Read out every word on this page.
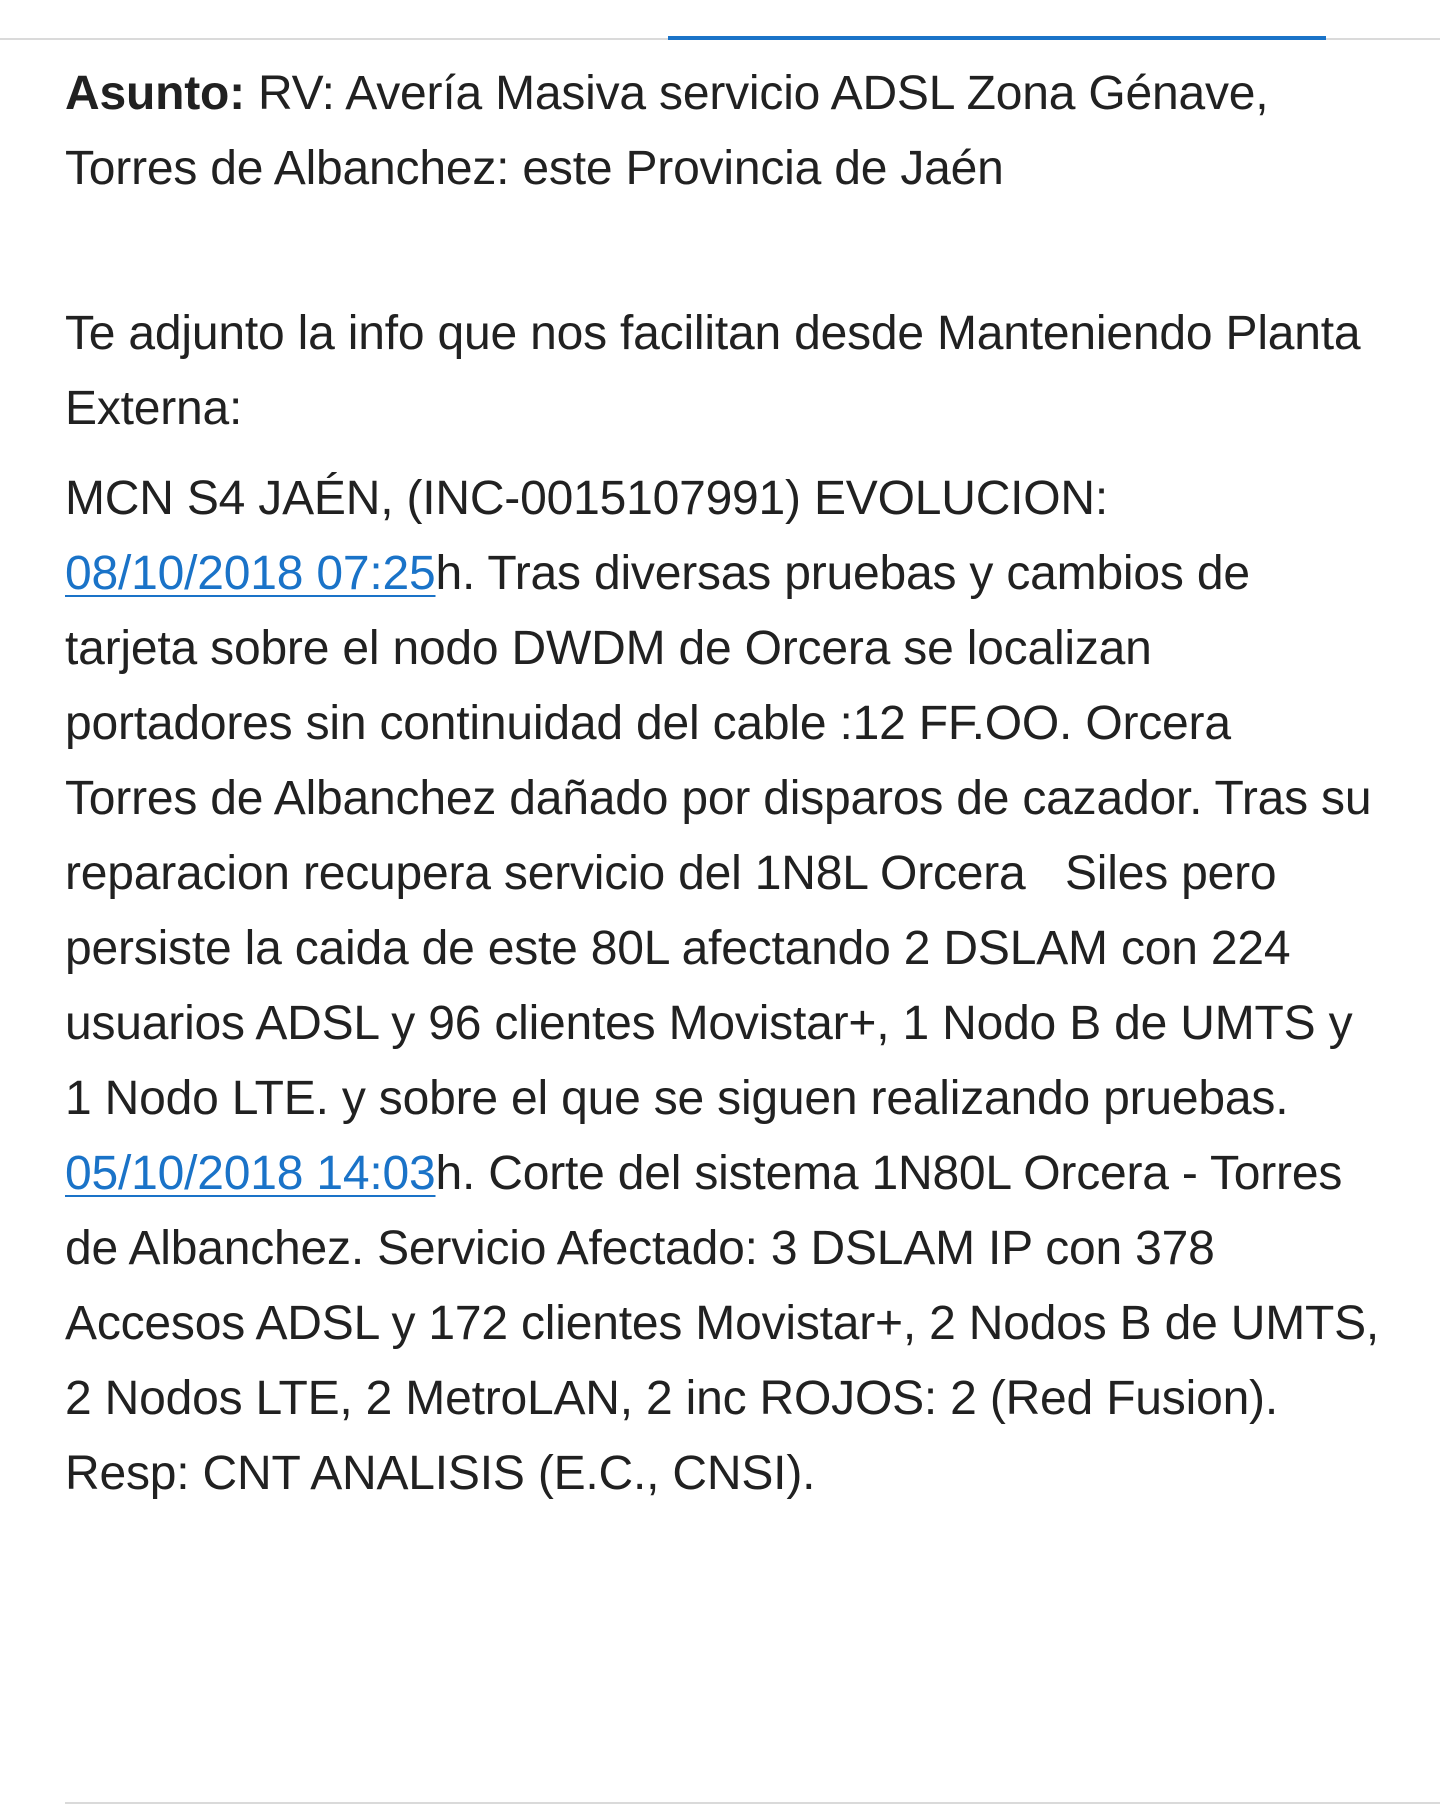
Asunto: RV: Avería Masiva servicio ADSL Zona Génave, Torres de Albanchez: este Provincia de Jaén

Te adjunto la info que nos facilitan desde Manteniendo Planta Externa:

MCN S4 JAÉN, (INC-0015107991) EVOLUCION:

08/10/2018 07:25h. Tras diversas pruebas y cambios de tarjeta sobre el nodo DWDM de Orcera se localizan portadores sin continuidad del cable :12 FF.OO. Orcera   Torres de Albanchez dañado por disparos de cazador. Tras su reparacion recupera servicio del 1N8L Orcera   Siles pero persiste la caida de este 80L afectando 2 DSLAM con 224 usuarios ADSL y 96 clientes Movistar+, 1 Nodo B de UMTS y 1 Nodo LTE. y sobre el que se siguen realizando pruebas.

05/10/2018 14:03h. Corte del sistema 1N80L Orcera - Torres de Albanchez. Servicio Afectado: 3 DSLAM IP con 378 Accesos ADSL y 172 clientes Movistar+, 2 Nodos B de UMTS, 2 Nodos LTE, 2 MetroLAN, 2 inc ROJOS: 2 (Red Fusion). Resp: CNT ANALISIS (E.C., CNSI).
